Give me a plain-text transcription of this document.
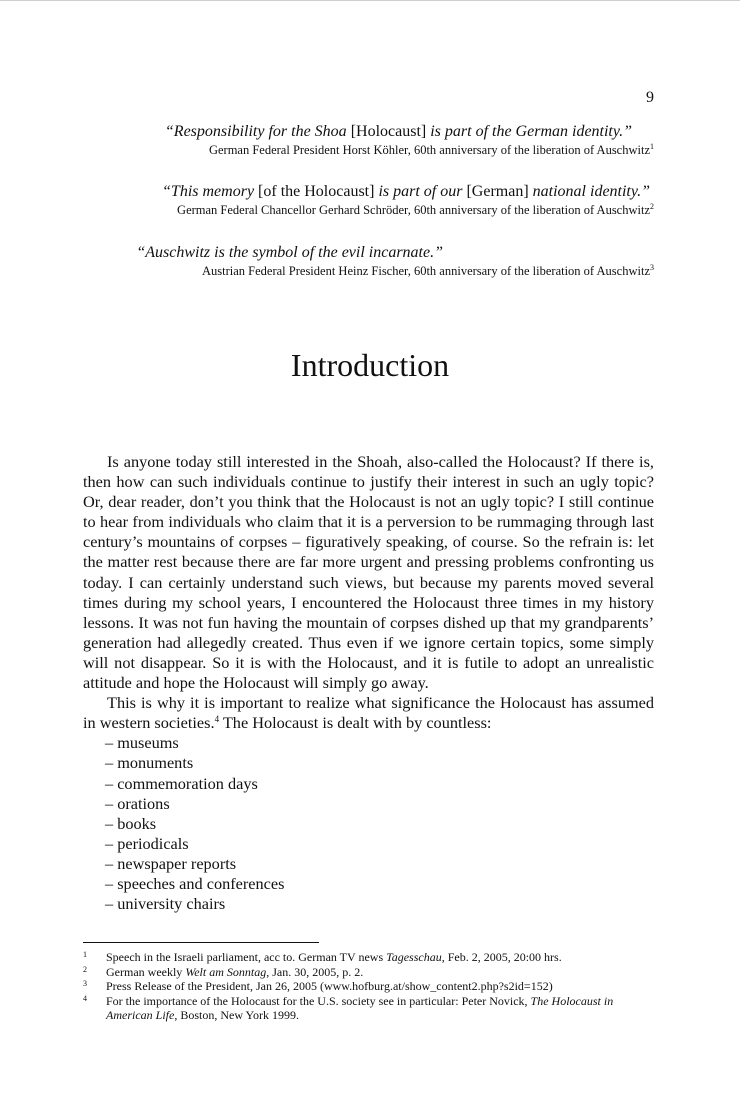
9
“Responsibility for the Shoa [Holocaust] is part of the German identity.”
German Federal President Horst Köhler, 60th anniversary of the liberation of Auschwitz$^1$
“This memory [of the Holocaust] is part of our [German] national identity.”
German Federal Chancellor Gerhard Schröder, 60th anniversary of the liberation of Auschwitz$^2$
“Auschwitz is the symbol of the evil incarnate.”
Austrian Federal President Heinz Fischer, 60th anniversary of the liberation of Auschwitz$^3$
Introduction

Is anyone today still interested in the Shoah, also-called the Holocaust? If there is, then how can such individuals continue to justify their interest in such an ugly topic? Or, dear reader, don’t you think that the Holocaust is not an ugly topic? I still continue to hear from individuals who claim that it is a perversion to be rummaging through last century’s mountains of corpses – figuratively speaking, of course. So the refrain is: let the matter rest because there are far more urgent and pressing problems confronting us today. I can certainly understand such views, but because my parents moved several times during my school years, I encountered the Holocaust three times in my history lessons. It was not fun having the mountain of corpses dished up that my grandparents’ generation had allegedly created. Thus even if we ignore certain topics, some simply will not disappear. So it is with the Holocaust, and it is futile to adopt an unrealistic attitude and hope the Holocaust will simply go away.

This is why it is important to realize what significance the Holocaust has assumed in western societies.$^4$ The Holocaust is dealt with by countless:

– museums
– monuments
– commemoration days
– orations
– books
– periodicals
– newspaper reports
– speeches and conferences
– university chairs
1	Speech in the Israeli parliament, acc to. German TV news Tagesschau, Feb. 2, 2005, 20:00 hrs.
2	German weekly Welt am Sonntag, Jan. 30, 2005, p. 2.
3	Press Release of the President, Jan 26, 2005 (www.hofburg.at/show_content2.php?s2id=152)
4	For the importance of the Holocaust for the U.S. society see in particular: Peter Novick, The Holocaust in American Life, Boston, New York 1999.
